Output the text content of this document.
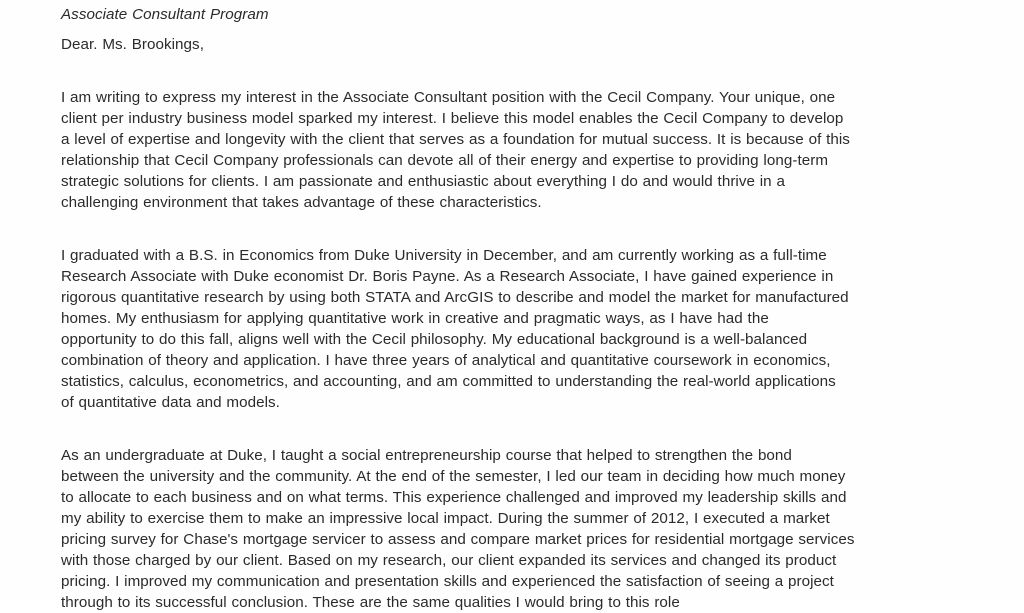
Associate Consultant Program
Dear. Ms. Brookings,
I am writing to express my interest in the Associate Consultant position with the Cecil Company. Your unique, one
client per industry business model sparked my interest. I believe this model enables the Cecil Company to develop
a level of expertise and longevity with the client that serves as a foundation for mutual success. It is because of this
relationship that Cecil Company professionals can devote all of their energy and expertise to providing long-term
strategic solutions for clients. I am passionate and enthusiastic about everything I do and would thrive in a
challenging environment that takes advantage of these characteristics.
I graduated with a B.S. in Economics from Duke University in December, and am currently working as a full-time
Research Associate with Duke economist Dr. Boris Payne. As a Research Associate, I have gained experience in
rigorous quantitative research by using both STATA and ArcGIS to describe and model the market for manufactured
homes. My enthusiasm for applying quantitative work in creative and pragmatic ways, as I have had the
opportunity to do this fall, aligns well with the Cecil philosophy. My educational background is a well-balanced
combination of theory and application. I have three years of analytical and quantitative coursework in economics,
statistics, calculus, econometrics, and accounting, and am committed to understanding the real-world applications
of quantitative data and models.
As an undergraduate at Duke, I taught a social entrepreneurship course that helped to strengthen the bond
between the university and the community. At the end of the semester, I led our team in deciding how much money
to allocate to each business and on what terms. This experience challenged and improved my leadership skills and
my ability to exercise them to make an impressive local impact. During the summer of 2012, I executed a market
pricing survey for Chase's mortgage servicer to assess and compare market prices for residential mortgage services
with those charged by our client. Based on my research, our client expanded its services and changed its product
pricing. I improved my communication and presentation skills and experienced the satisfaction of seeing a project
through to its successful conclusion. These are the same qualities I would bring to this role
